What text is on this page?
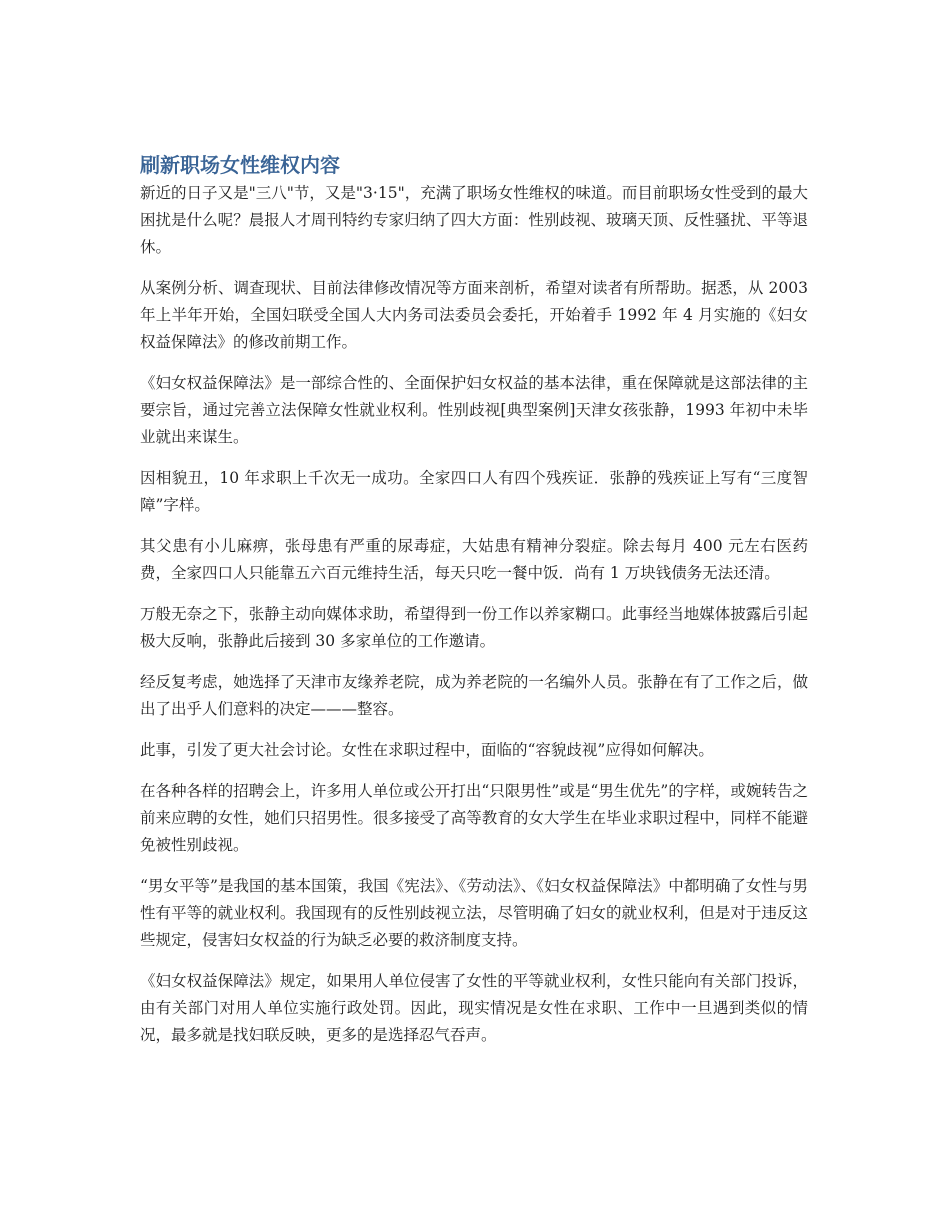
刷新职场女性维权内容

新近的日子又是"三八"节，又是"3·15"，充满了职场女性维权的味道。而目前职场女性受到的最大困扰是什么呢？晨报人才周刊特约专家归纳了四大方面：性别歧视、玻璃天顶、反性骚扰、平等退休。

从案例分析、调查现状、目前法律修改情况等方面来剖析，希望对读者有所帮助。据悉，从 2003 年上半年开始，全国妇联受全国人大内务司法委员会委托，开始着手 1992 年 4 月实施的《妇女权益保障法》的修改前期工作。

《妇女权益保障法》是一部综合性的、全面保护妇女权益的基本法律，重在保障就是这部法律的主要宗旨，通过完善立法保障女性就业权利。性别歧视[典型案例]天津女孩张静，1993 年初中未毕业就出来谋生。

因相貌丑，10 年求职上千次无一成功。全家四口人有四个残疾证．张静的残疾证上写有“三度智障”字样。

其父患有小儿麻痹，张母患有严重的尿毒症，大姑患有精神分裂症。除去每月 400 元左右医药费，全家四口人只能靠五六百元维持生活，每天只吃一餐中饭．尚有 1 万块钱债务无法还清。

万般无奈之下，张静主动向媒体求助，希望得到一份工作以养家糊口。此事经当地媒体披露后引起极大反响，张静此后接到 30 多家单位的工作邀请。

经反复考虑，她选择了天津市友缘养老院，成为养老院的一名编外人员。张静在有了工作之后，做出了出乎人们意料的决定———整容。

此事，引发了更大社会讨论。女性在求职过程中，面临的“容貌歧视”应得如何解决。

在各种各样的招聘会上，许多用人单位或公开打出“只限男性”或是“男生优先”的字样，或婉转告之前来应聘的女性，她们只招男性。很多接受了高等教育的女大学生在毕业求职过程中，同样不能避免被性别歧视。

“男女平等”是我国的基本国策，我国《宪法》、《劳动法》、《妇女权益保障法》中都明确了女性与男性有平等的就业权利。我国现有的反性别歧视立法，尽管明确了妇女的就业权利，但是对于违反这些规定，侵害妇女权益的行为缺乏必要的救济制度支持。

《妇女权益保障法》规定，如果用人单位侵害了女性的平等就业权利，女性只能向有关部门投诉，由有关部门对用人单位实施行政处罚。因此，现实情况是女性在求职、工作中一旦遇到类似的情况，最多就是找妇联反映，更多的是选择忍气吞声。
